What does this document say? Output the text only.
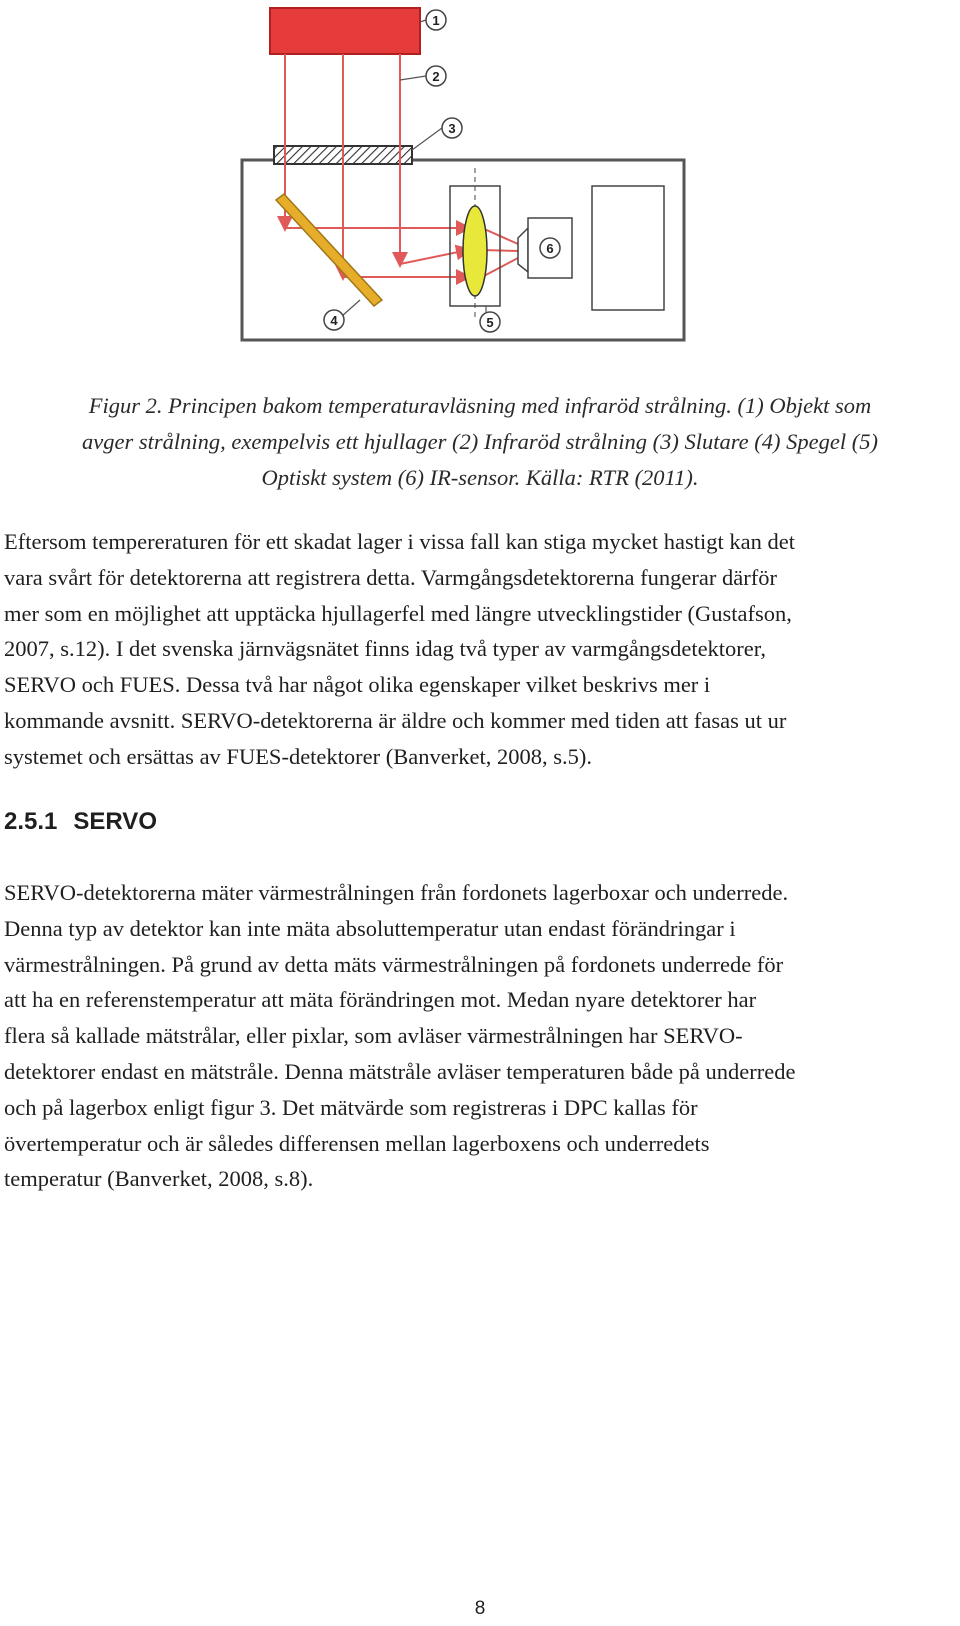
1
2
3
4	5
6
Figur 2. Principen bakom temperaturavläsning med infraröd strålning. (1) Objekt som
avger strålning, exempelvis ett hjullager (2) Infraröd strålning (3) Slutare (4) Spegel (5)
Optiskt system (6) IR-sensor. Källa: RTR (2011).
Eftersom tempereraturen för ett skadat lager i vissa fall kan stiga mycket hastigt kan det
vara svårt för detektorerna att registrera detta. Varmgångsdetektorerna fungerar därför
mer som en möjlighet att upptäcka hjullagerfel med längre utvecklingstider (Gustafson,
2007, s.12). I det svenska järnvägsnätet finns idag två typer av varmgångsdetektorer,
SERVO och FUES. Dessa två har något olika egenskaper vilket beskrivs mer i
kommande avsnitt. SERVO-detektorerna är äldre och kommer med tiden att fasas ut ur
systemet och ersättas av FUES-detektorer (Banverket, 2008, s.5).
2.5.1 SERVO
SERVO-detektorerna mäter värmestrålningen från fordonets lagerboxar och underrede.
Denna typ av detektor kan inte mäta absoluttemperatur utan endast förändringar i
värmestrålningen. På grund av detta mäts värmestrålningen på fordonets underrede för
att ha en referenstemperatur att mäta förändringen mot. Medan nyare detektorer har
flera så kallade mätstrålar, eller pixlar, som avläser värmestrålningen har SERVO-
detektorer endast en mätstråle. Denna mätstråle avläser temperaturen både på underrede
och på lagerbox enligt figur 3. Det mätvärde som registreras i DPC kallas för
övertemperatur och är således differensen mellan lagerboxens och underredets
temperatur (Banverket, 2008, s.8).
8
